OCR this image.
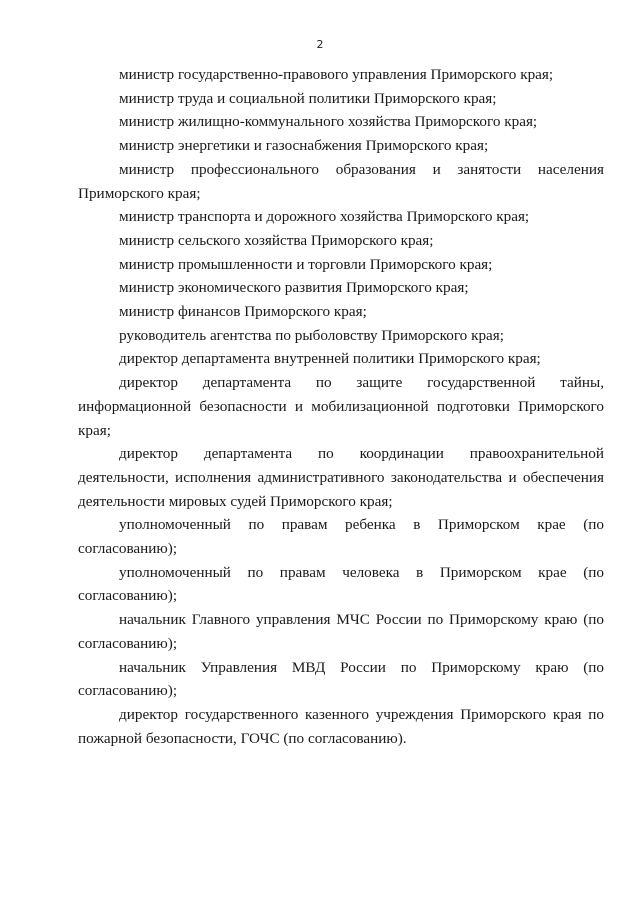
2

министр государственно-правового управления Приморского края;

министр труда и социальной политики Приморского края;

министр жилищно-коммунального хозяйства Приморского края;

министр энергетики и газоснабжения Приморского края;

министр профессионального образования и занятости населения Приморского края;

министр транспорта и дорожного хозяйства Приморского края;

министр сельского хозяйства Приморского края;

министр промышленности и торговли Приморского края;

министр экономического развития Приморского края;

министр финансов Приморского края;

руководитель агентства по рыболовству Приморского края;

директор департамента внутренней политики Приморского края;

директор департамента по защите государственной тайны, информационной безопасности и мобилизационной подготовки Приморского края;

директор департамента по координации правоохранительной деятельности, исполнения административного законодательства и обеспечения деятельности мировых судей Приморского края;

уполномоченный по правам ребенка в Приморском крае (по согласованию);

уполномоченный по правам человека в Приморском крае (по согласованию);

начальник Главного управления МЧС России по Приморскому краю (по согласованию);

начальник Управления МВД России по Приморскому краю (по согласованию);

директор государственного казенного учреждения Приморского края по пожарной безопасности, ГОЧС (по согласованию).
